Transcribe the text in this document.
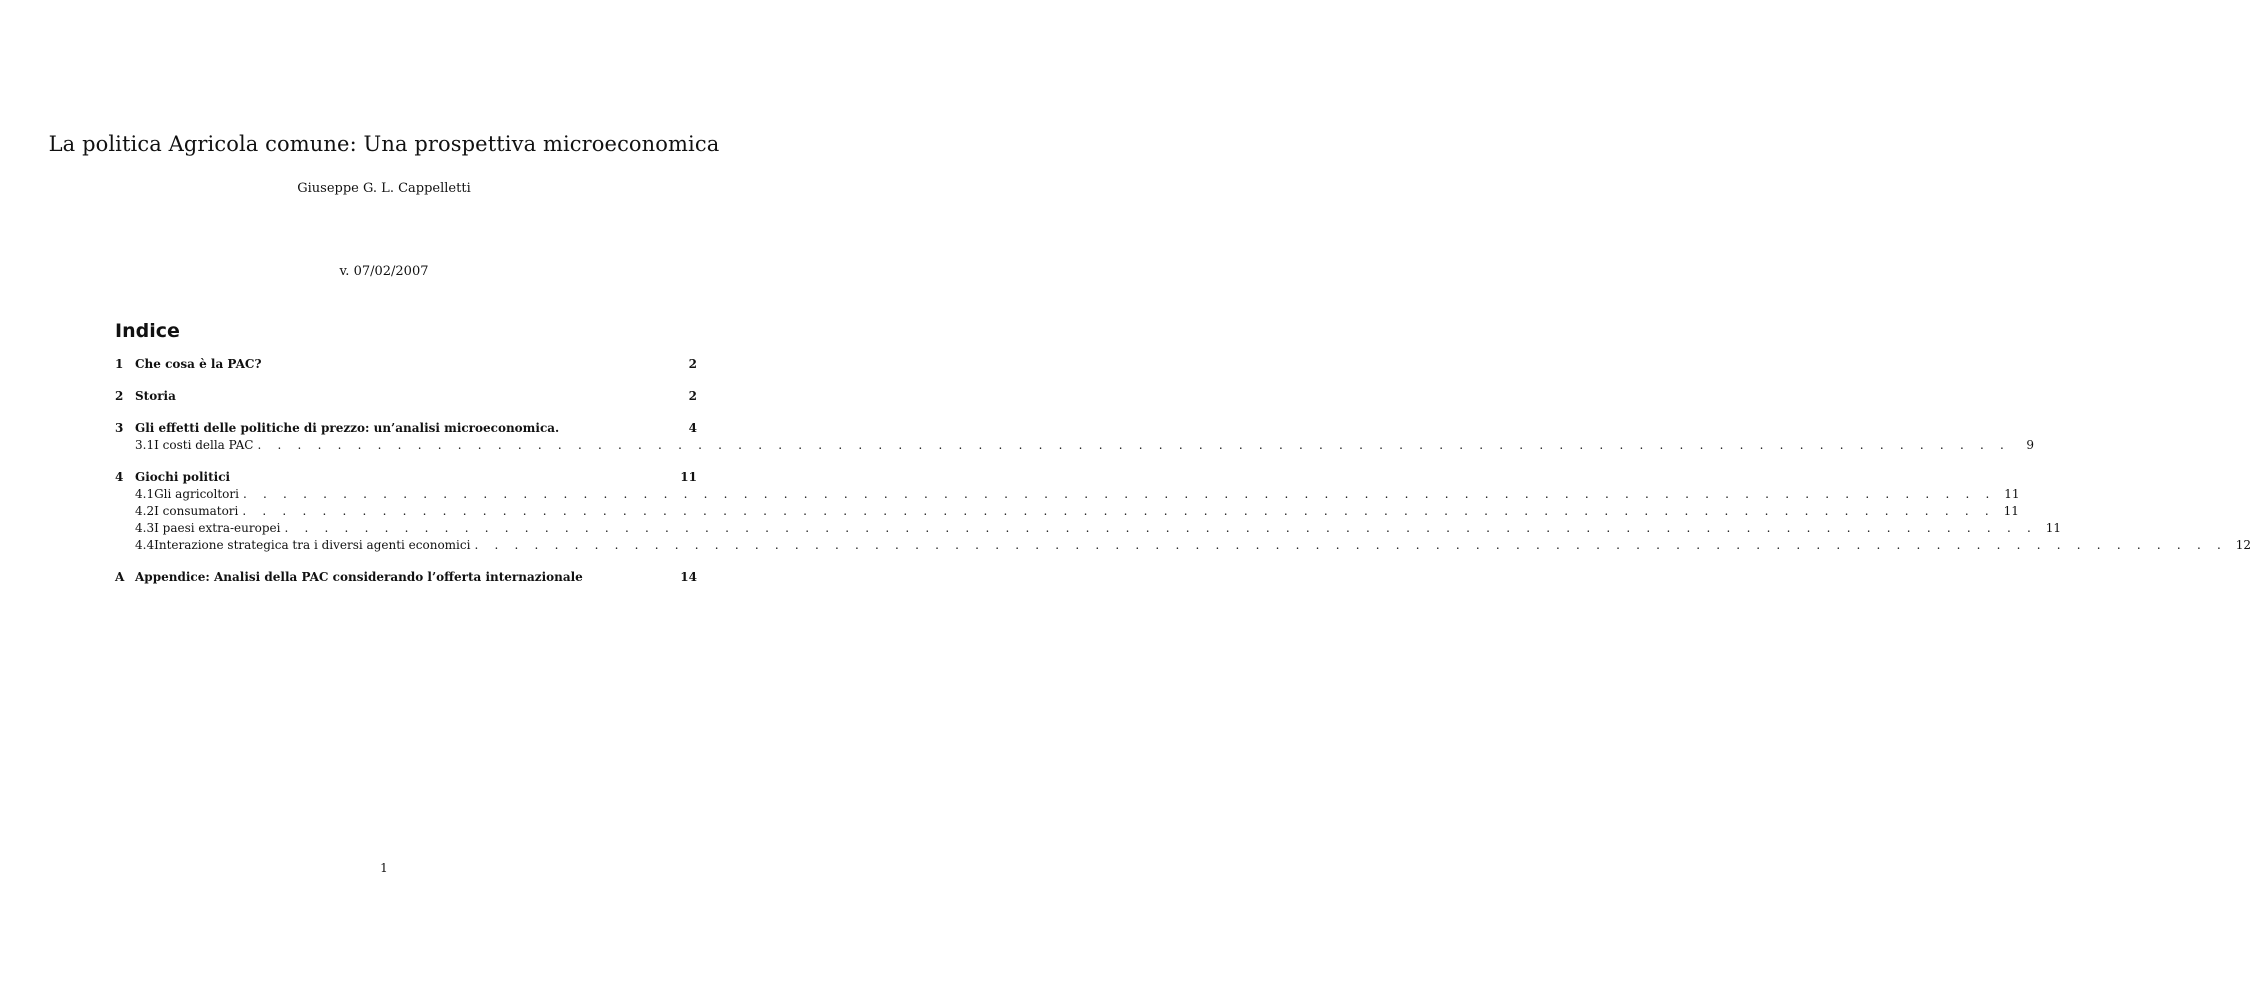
La politica Agricola comune: Una prospettiva microeconomica
Giuseppe G. L. Cappelletti
v. 07/02/2007
Indice
1 Che cosa è la PAC?	2
2 Storia	2
3 Gli effetti delle politiche di prezzo: un’analisi microeconomica.	4
3.1 I costi della PAC . . . . . . . . . . . . . . . . . . . . . . . . . . . . . . . . . . . . . . . . . . . . . . . . . . . . . . . . . . . . . . . . . . . . . . . . . . . . . . . . . . . . . . . .	9
4 Giochi politici	11
4.1 Gli agricoltori . . . . . . . . . . . . . . . . . . . . . . . . . . . . . . . . . . . . . . . . . . . . . . . . . . . . . . . . . . . . . . . . . . . . . . . . . . . . . . . . . . . . . . . . 11
4.2 I consumatori . . . . . . . . . . . . . . . . . . . . . . . . . . . . . . . . . . . . . . . . . . . . . . . . . . . . . . . . . . . . . . . . . . . . . . . . . . . . . . . . . . . . . . . . 11
4.3 I paesi extra-europei . . . . . . . . . . . . . . . . . . . . . . . . . . . . . . . . . . . . . . . . . . . . . . . . . . . . . . . . . . . . . . . . . . . . . . . . . . . . . . . . . . . . . . . . 11
4.4 Interazione strategica tra i diversi agenti economici . . . . . . . . . . . . . . . . . . . . . . . . . . . . . . . . . . . . . . . . . . . . . . . . . . . . . . . . . . . . . . . . . . . . . . . . . . . . . . . . . . . . . . . . 12
A Appendice: Analisi della PAC considerando l’offerta internazionale	14
1
